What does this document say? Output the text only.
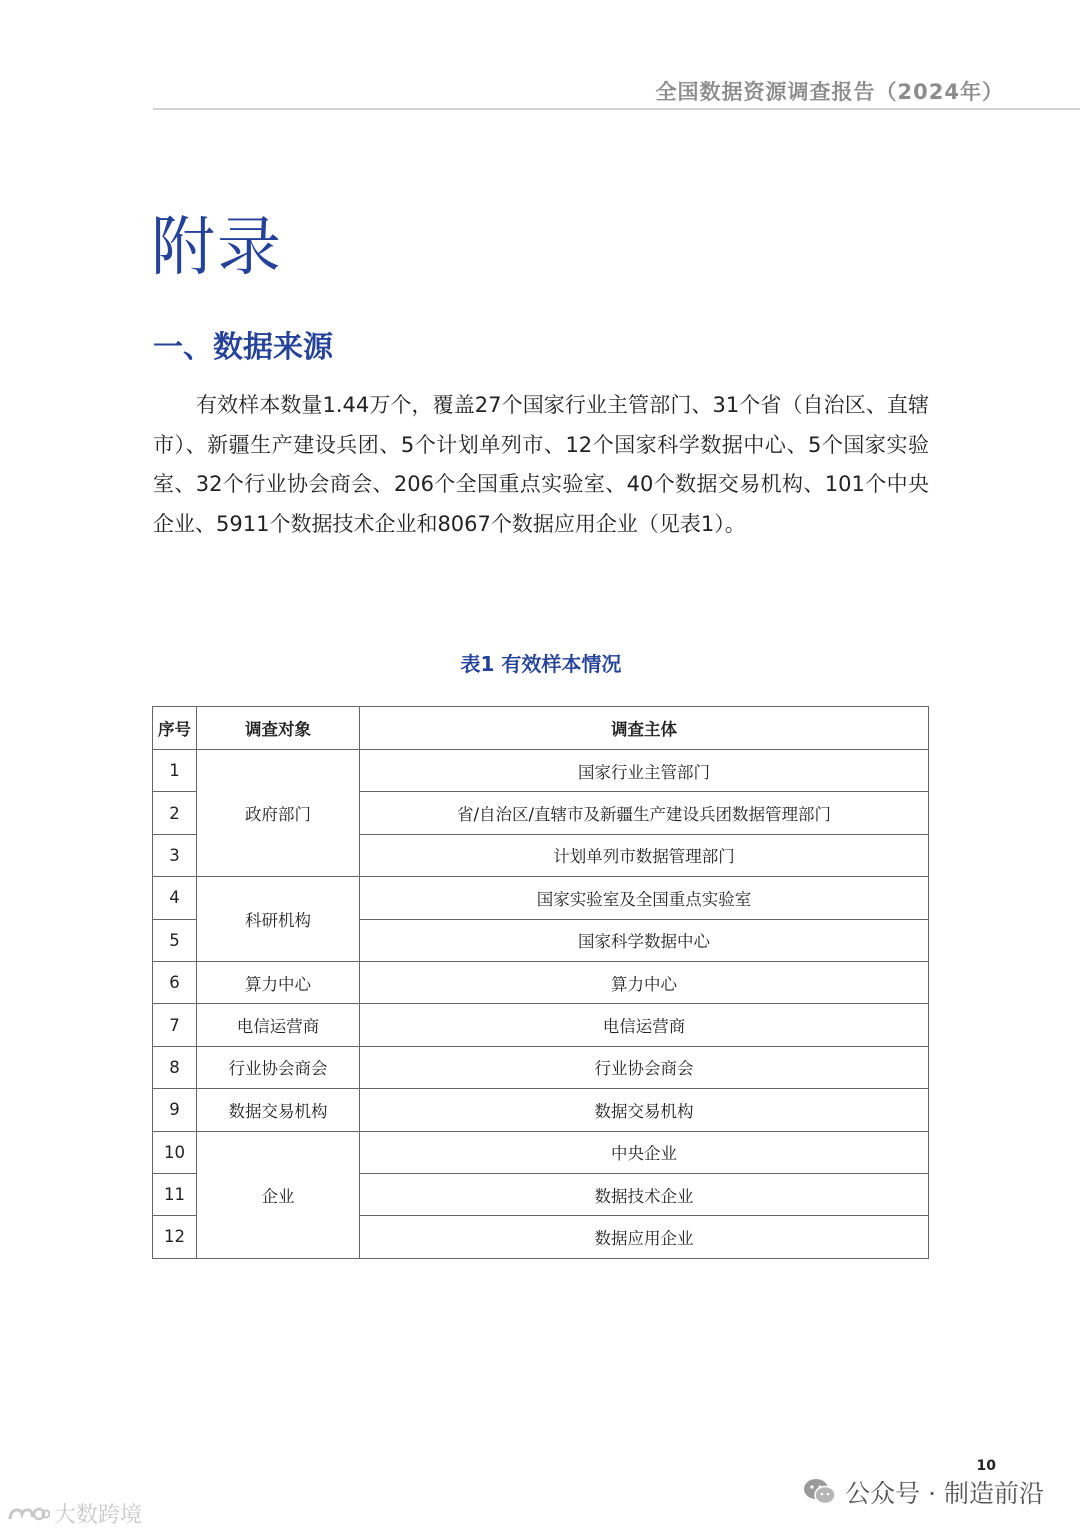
全国数据资源调查报告（2024年）
附录
一、数据来源

有效样本数量1.44万个，覆盖27个国家行业主管部门、31个省（自治区、直辖市）、新疆生产建设兵团、5个计划单列市、12个国家科学数据中心、5个国家实验室、32个行业协会商会、206个全国重点实验室、40个数据交易机构、101个中央企业、5911个数据技术企业和8067个数据应用企业（见表1）。

表1 有效样本情况
序号	调查对象	调查主体
1	政府部门	国家行业主管部门
2		省/自治区/直辖市及新疆生产建设兵团数据管理部门
3		计划单列市数据管理部门
4	科研机构	国家实验室及全国重点实验室
5		国家科学数据中心
6	算力中心	算力中心
7	电信运营商	电信运营商
8	行业协会商会	行业协会商会
9	数据交易机构	数据交易机构
10	企业	中央企业
11		数据技术企业
12		数据应用企业
10
公众号 · 制造前沿
大数跨境
